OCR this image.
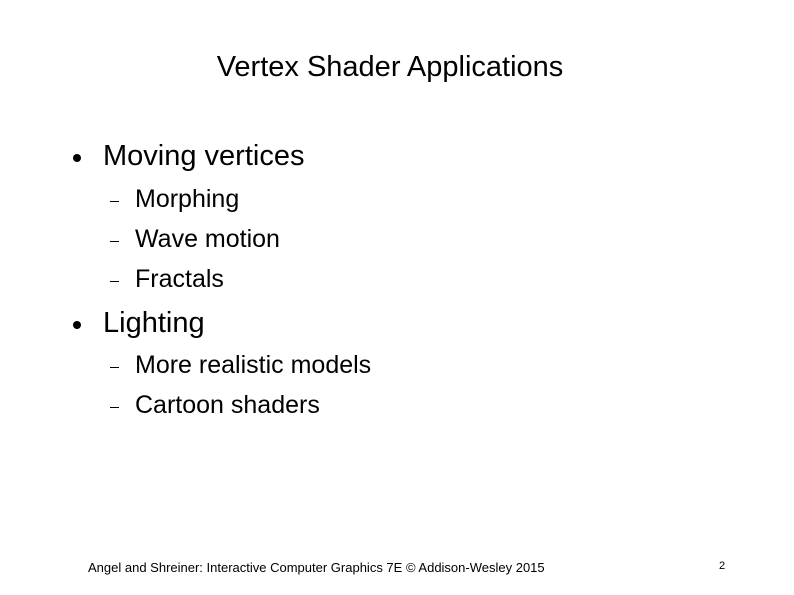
Vertex Shader Applications
Moving vertices
Morphing
Wave motion
Fractals
Lighting
More realistic models
Cartoon shaders
Angel and Shreiner: Interactive Computer Graphics 7E © Addison-Wesley 2015	2
